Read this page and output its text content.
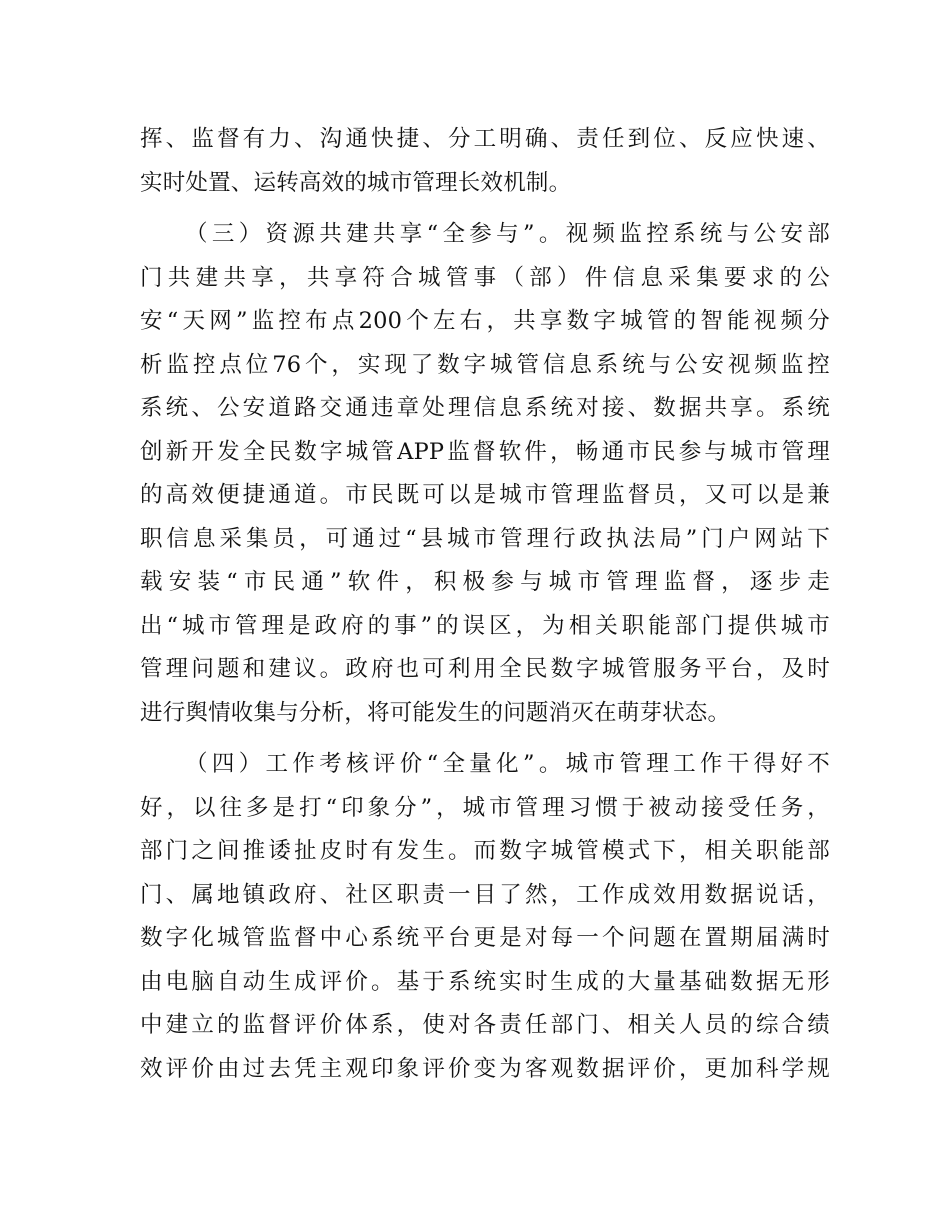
挥、监督有力、沟通快捷、分工明确、责任到位、反应快速、
实时处置、运转高效的城市管理长效机制。
（三）资源共建共享“全参与”。视频监控系统与公安部
门共建共享，共享符合城管事（部）件信息采集要求的公
安“天网”监控布点200个左右，共享数字城管的智能视频分
析监控点位76个，实现了数字城管信息系统与公安视频监控
系统、公安道路交通违章处理信息系统对接、数据共享。系统
创新开发全民数字城管APP监督软件，畅通市民参与城市管理
的高效便捷通道。市民既可以是城市管理监督员，又可以是兼
职信息采集员，可通过“县城市管理行政执法局”门户网站下
载安装“市民通”软件，积极参与城市管理监督，逐步走
出“城市管理是政府的事”的误区，为相关职能部门提供城市
管理问题和建议。政府也可利用全民数字城管服务平台，及时
进行舆情收集与分析，将可能发生的问题消灭在萌芽状态。
（四）工作考核评价“全量化”。城市管理工作干得好不
好，以往多是打“印象分”，城市管理习惯于被动接受任务，
部门之间推诿扯皮时有发生。而数字城管模式下，相关职能部
门、属地镇政府、社区职责一目了然，工作成效用数据说话，
数字化城管监督中心系统平台更是对每一个问题在置期届满时
由电脑自动生成评价。基于系统实时生成的大量基础数据无形
中建立的监督评价体系，使对各责任部门、相关人员的综合绩
效评价由过去凭主观印象评价变为客观数据评价，更加科学规
